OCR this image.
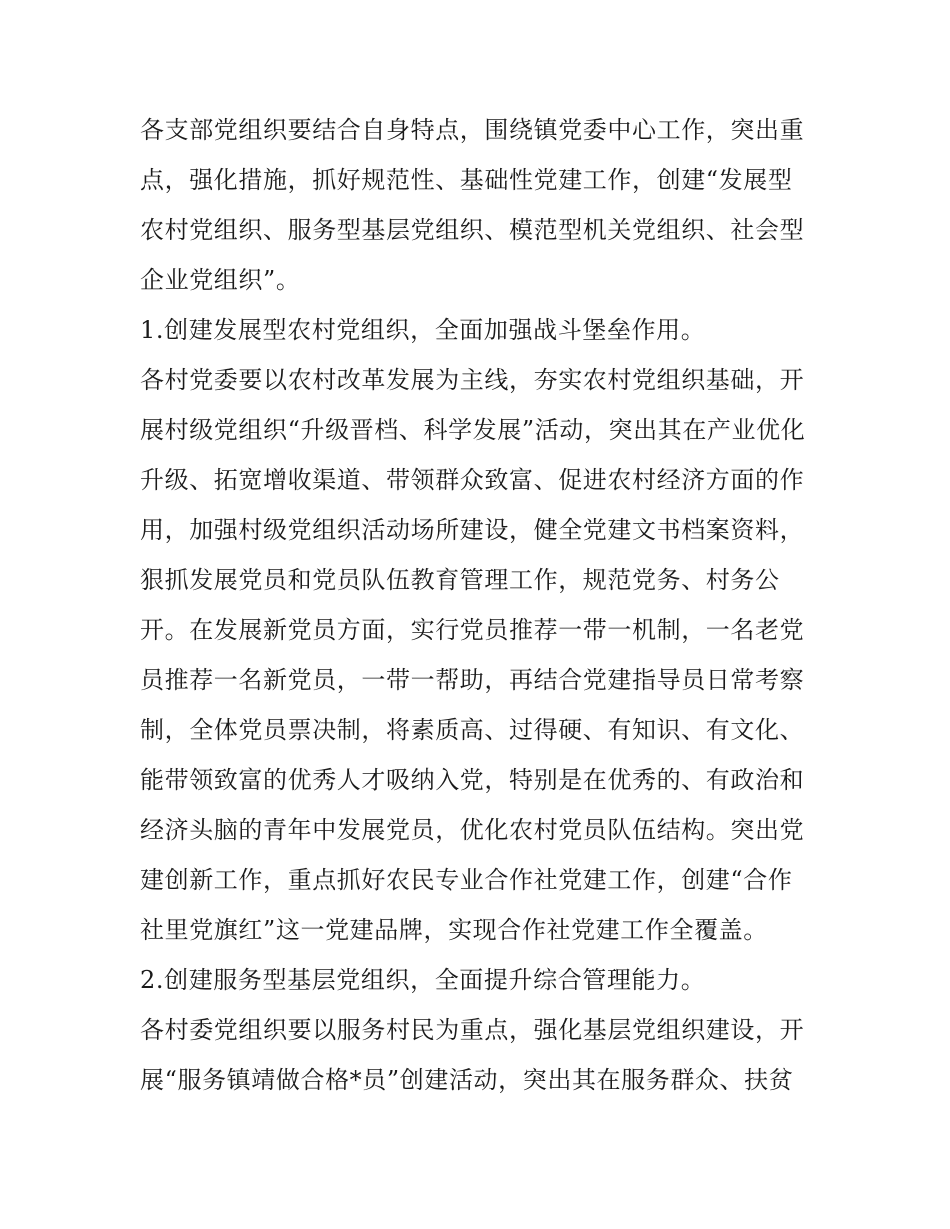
各支部党组织要结合自身特点，围绕镇党委中心工作，突出重
点，强化措施，抓好规范性、基础性党建工作，创建“发展型
农村党组织、服务型基层党组织、模范型机关党组织、社会型
企业党组织”。
1.创建发展型农村党组织，全面加强战斗堡垒作用。
各村党委要以农村改革发展为主线，夯实农村党组织基础，开
展村级党组织“升级晋档、科学发展”活动，突出其在产业优化
升级、拓宽增收渠道、带领群众致富、促进农村经济方面的作
用，加强村级党组织活动场所建设，健全党建文书档案资料，
狠抓发展党员和党员队伍教育管理工作，规范党务、村务公
开。在发展新党员方面，实行党员推荐一带一机制，一名老党
员推荐一名新党员，一带一帮助，再结合党建指导员日常考察
制，全体党员票决制，将素质高、过得硬、有知识、有文化、
能带领致富的优秀人才吸纳入党，特别是在优秀的、有政治和
经济头脑的青年中发展党员，优化农村党员队伍结构。突出党
建创新工作，重点抓好农民专业合作社党建工作，创建“合作
社里党旗红”这一党建品牌，实现合作社党建工作全覆盖。
2.创建服务型基层党组织，全面提升综合管理能力。
各村委党组织要以服务村民为重点，强化基层党组织建设，开
展“服务镇靖做合格*员”创建活动，突出其在服务群众、扶贫
